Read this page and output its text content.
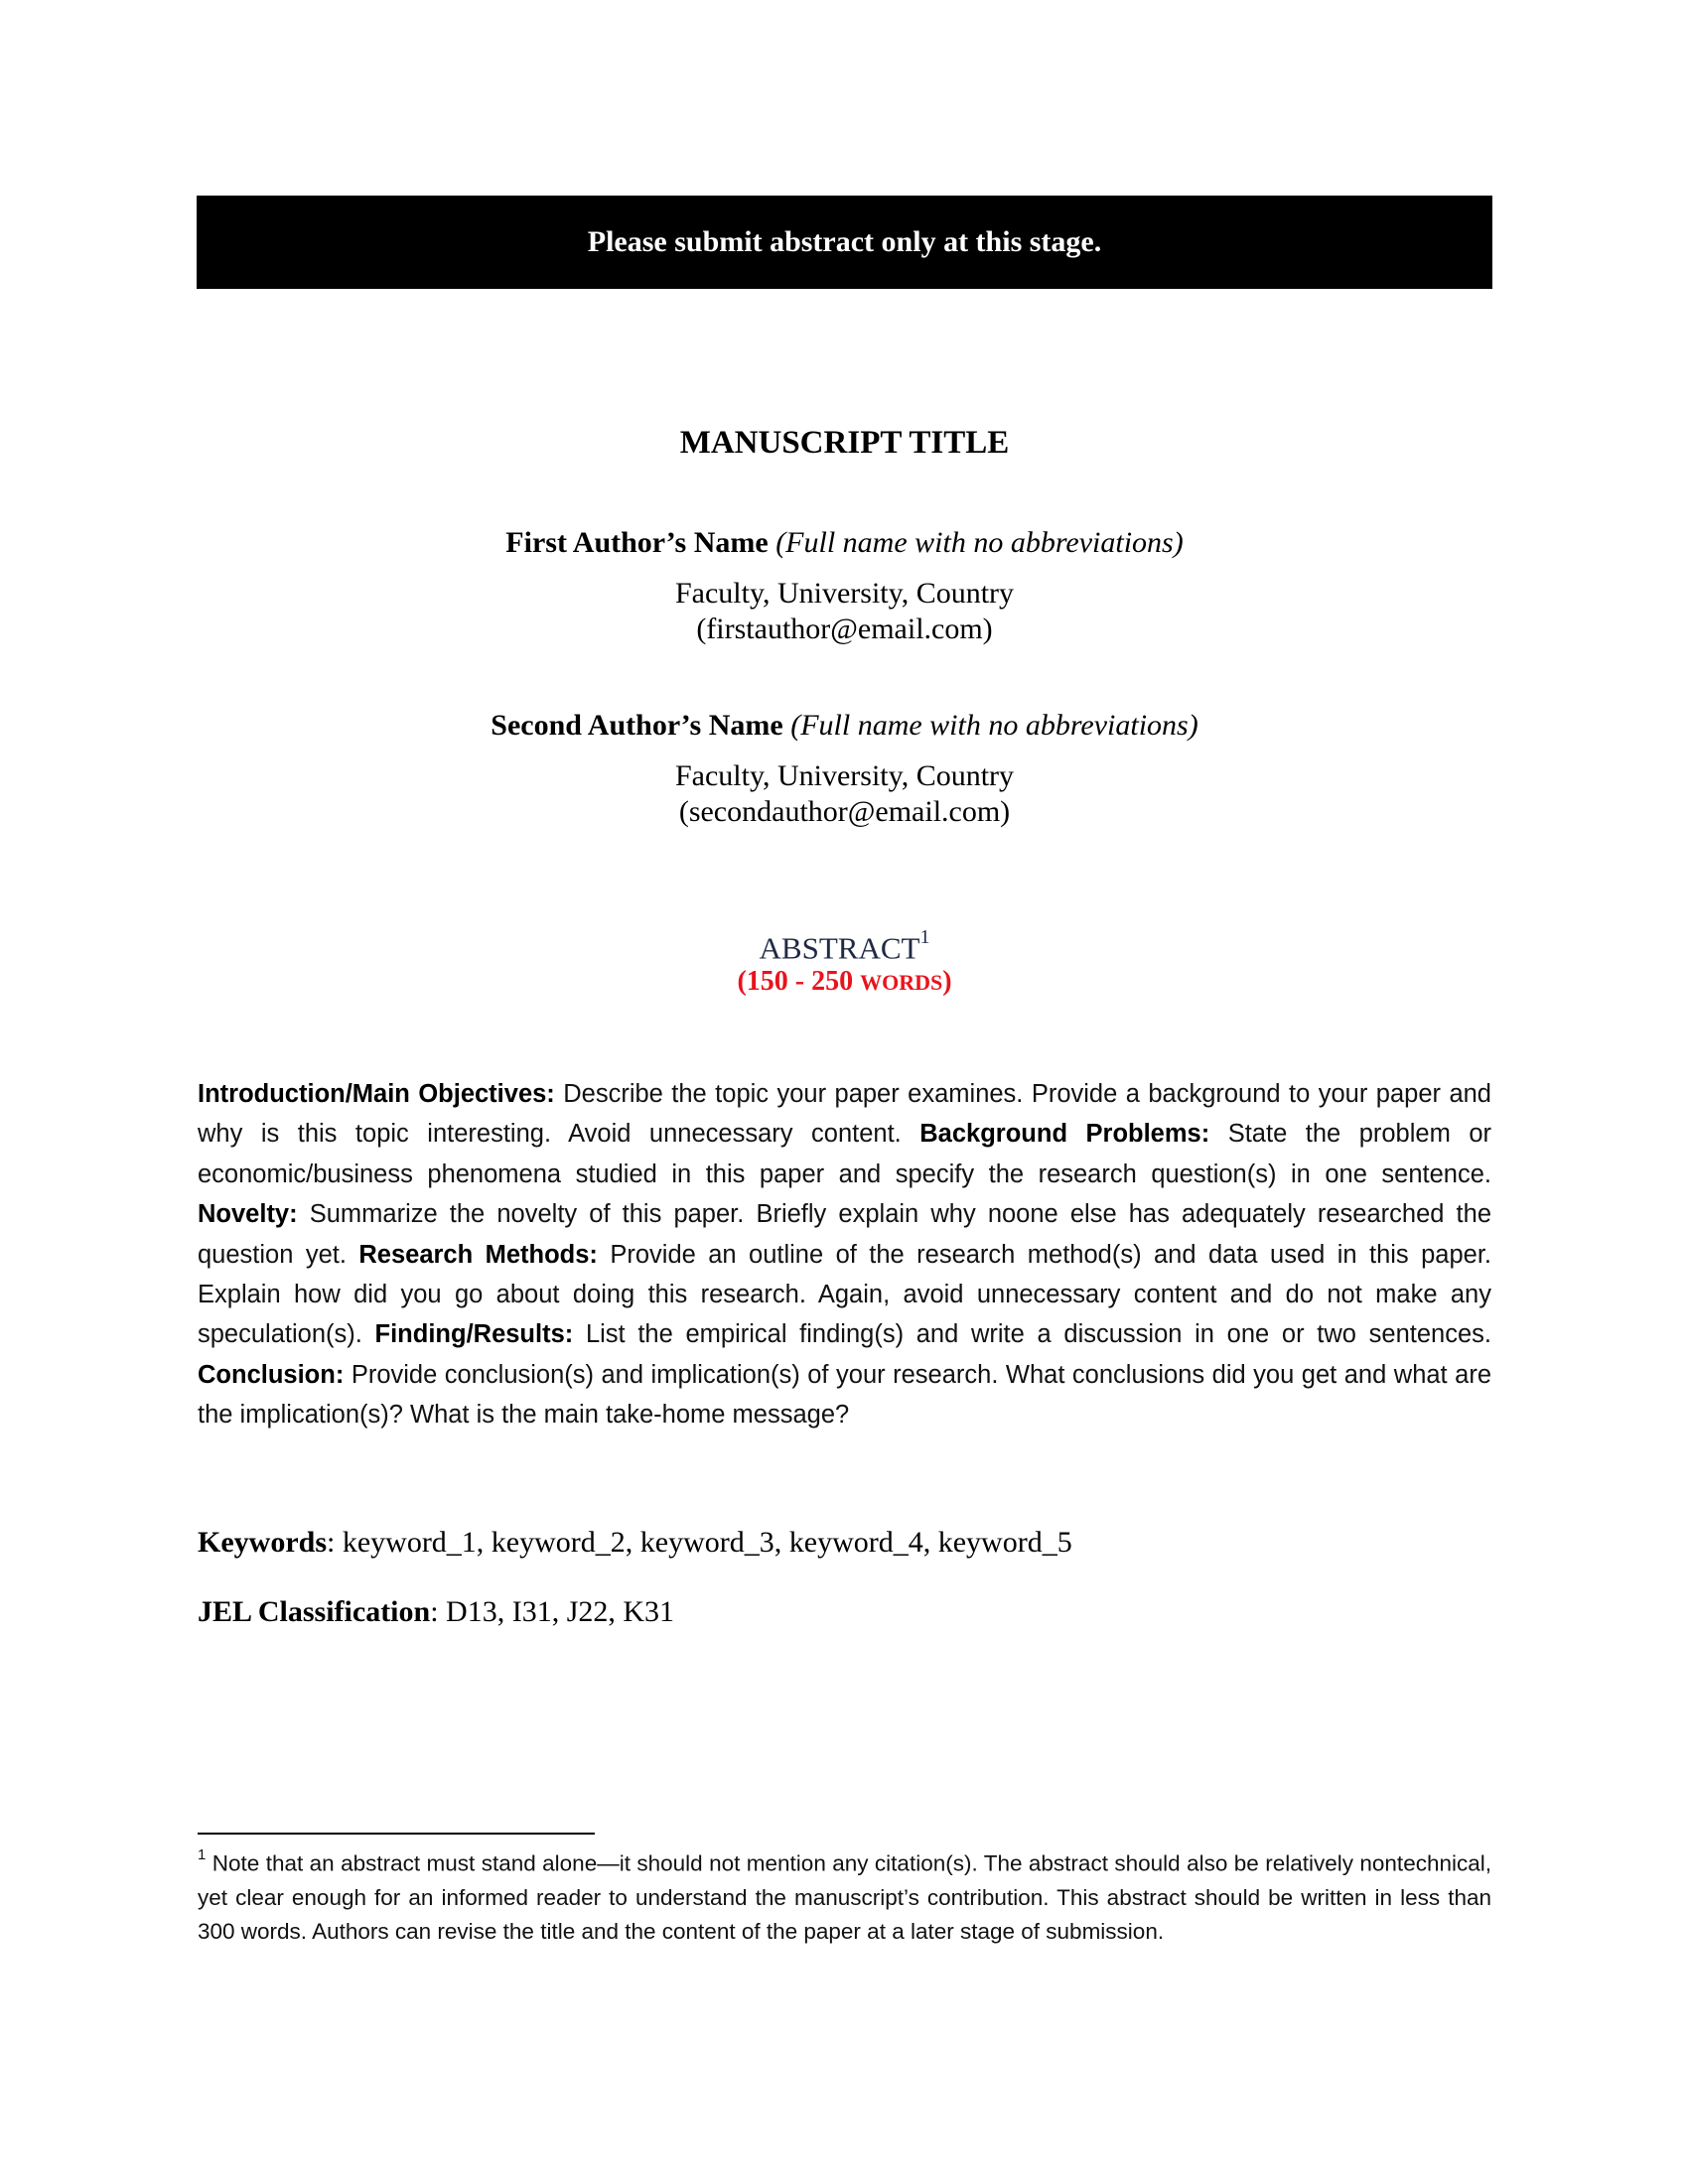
Please submit abstract only at this stage.
MANUSCRIPT TITLE
First Author’s Name (Full name with no abbreviations)
Faculty, University, Country
(firstauthor@email.com)
Second Author’s Name (Full name with no abbreviations)
Faculty, University, Country
(secondauthor@email.com)
ABSTRACT$^1$
(150 - 250 WORDS)
Introduction/Main Objectives: Describe the topic your paper examines. Provide a background to your paper and why is this topic interesting. Avoid unnecessary content. Background Problems: State the problem or economic/business phenomena studied in this paper and specify the research question(s) in one sentence. Novelty: Summarize the novelty of this paper. Briefly explain why noone else has adequately researched the question yet. Research Methods: Provide an outline of the research method(s) and data used in this paper. Explain how did you go about doing this research. Again, avoid unnecessary content and do not make any speculation(s). Finding/Results: List the empirical finding(s) and write a discussion in one or two sentences. Conclusion: Provide conclusion(s) and implication(s) of your research. What conclusions did you get and what are the implication(s)? What is the main take-home message?
Keywords: keyword_1, keyword_2, keyword_3, keyword_4, keyword_5
JEL Classification: D13, I31, J22, K31
$^1$ Note that an abstract must stand alone—it should not mention any citation(s). The abstract should also be relatively nontechnical, yet clear enough for an informed reader to understand the manuscript’s contribution. This abstract should be written in less than 300 words. Authors can revise the title and the content of the paper at a later stage of submission.
